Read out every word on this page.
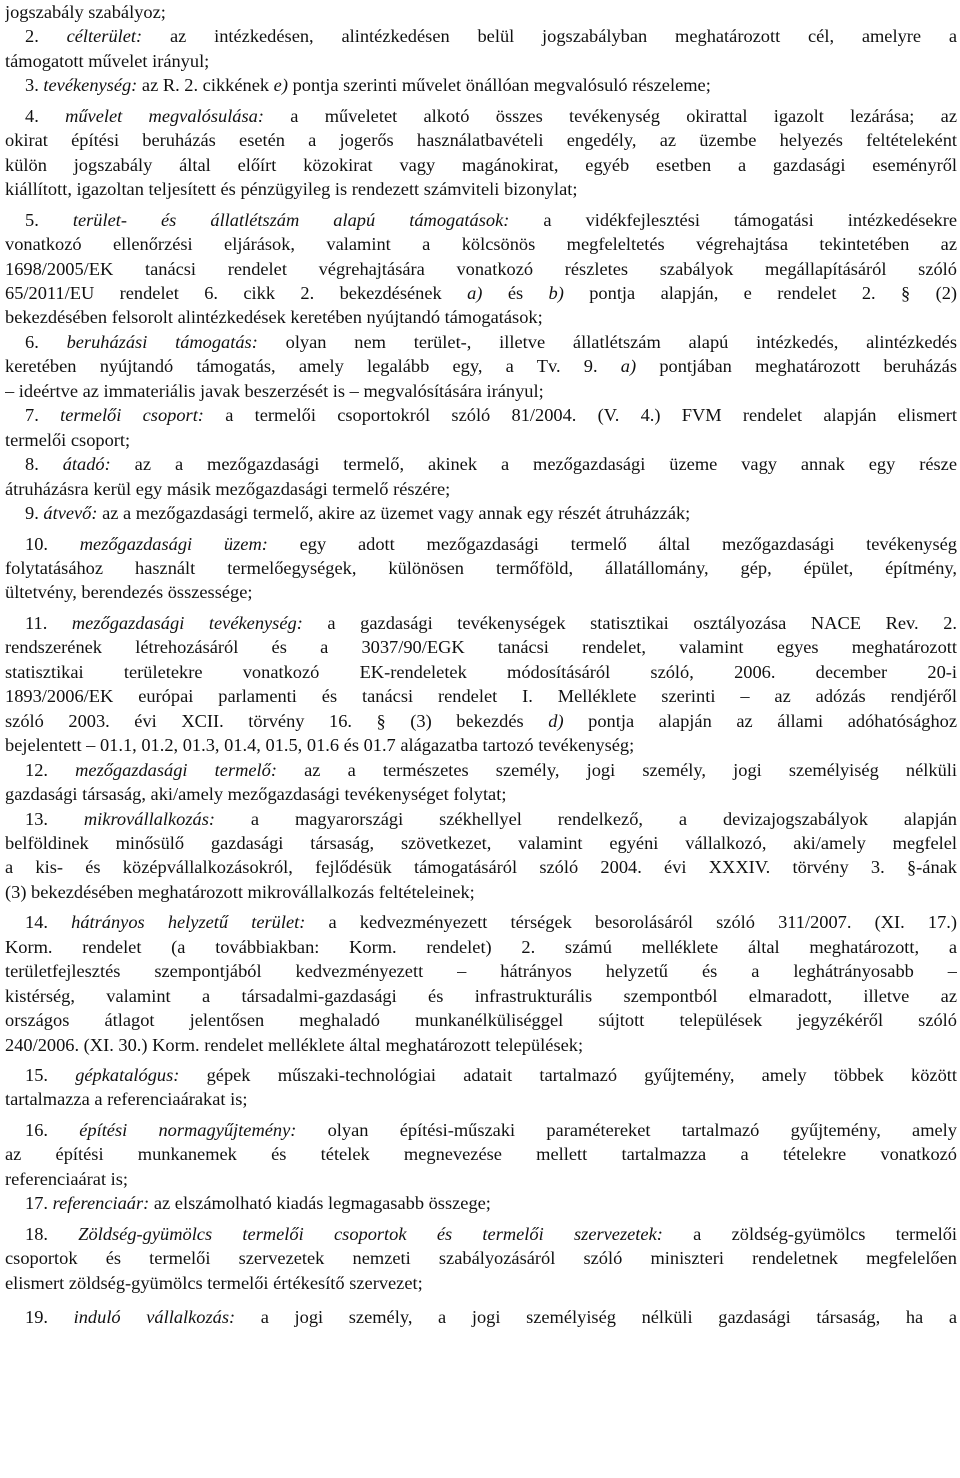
jogszabály szabályoz;
2. célterület: az intézkedésen, alintézkedésen belül jogszabályban meghatározott cél, amelyre a
támogatott művelet irányul;
3. tevékenység: az R. 2. cikkének e) pontja szerinti művelet önállóan megvalósuló részeleme;
4. művelet megvalósulása: a műveletet alkotó összes tevékenység okirattal igazolt lezárása; az
okirat építési beruházás esetén a jogerős használatbavételi engedély, az üzembe helyezés feltételeként
külön jogszabály által előírt közokirat vagy magánokirat, egyéb esetben a gazdasági eseményről
kiállított, igazoltan teljesített és pénzügyileg is rendezett számviteli bizonylat;
5. terület- és állatlétszám alapú támogatások: a vidékfejlesztési támogatási intézkedésekre
vonatkozó ellenőrzési eljárások, valamint a kölcsönös megfeleltetés végrehajtása tekintetében az
1698/2005/EK tanácsi rendelet végrehajtására vonatkozó részletes szabályok megállapításáról szóló
65/2011/EU rendelet 6. cikk 2. bekezdésének a) és b) pontja alapján, e rendelet 2. § (2)
bekezdésében felsorolt alintézkedések keretében nyújtandó támogatások;
6. beruházási támogatás: olyan nem terület-, illetve állatlétszám alapú intézkedés, alintézkedés
keretében nyújtandó támogatás, amely legalább egy, a Tv. 9. a) pontjában meghatározott beruházás
– ideértve az immateriális javak beszerzését is – megvalósítására irányul;
7. termelői csoport: a termelői csoportokról szóló 81/2004. (V. 4.) FVM rendelet alapján elismert
termelői csoport;
8. átadó: az a mezőgazdasági termelő, akinek a mezőgazdasági üzeme vagy annak egy része
átruházásra kerül egy másik mezőgazdasági termelő részére;
9. átvevő: az a mezőgazdasági termelő, akire az üzemet vagy annak egy részét átruházzák;
10. mezőgazdasági üzem: egy adott mezőgazdasági termelő által mezőgazdasági tevékenység
folytatásához használt termelőegységek, különösen termőföld, állatállomány, gép, épület, építmény,
ültetvény, berendezés összessége;
11. mezőgazdasági tevékenység: a gazdasági tevékenységek statisztikai osztályozása NACE Rev. 2.
rendszerének létrehozásáról és a 3037/90/EGK tanácsi rendelet, valamint egyes meghatározott
statisztikai területekre vonatkozó EK-rendeletek módosításáról szóló, 2006. december 20-i
1893/2006/EK európai parlamenti és tanácsi rendelet I. Melléklete szerinti – az adózás rendjéről
szóló 2003. évi XCII. törvény 16. § (3) bekezdés d) pontja alapján az állami adóhatósághoz
bejelentett – 01.1, 01.2, 01.3, 01.4, 01.5, 01.6 és 01.7 alágazatba tartozó tevékenység;
12. mezőgazdasági termelő: az a természetes személy, jogi személy, jogi személyiség nélküli
gazdasági társaság, aki/amely mezőgazdasági tevékenységet folytat;
13. mikrovállalkozás: a magyarországi székhellyel rendelkező, a devizajogszabályok alapján
belföldinek minősülő gazdasági társaság, szövetkezet, valamint egyéni vállalkozó, aki/amely megfelel
a kis- és középvállalkozásokról, fejlődésük támogatásáról szóló 2004. évi XXXIV. törvény 3. §-ának
(3) bekezdésében meghatározott mikrovállalkozás feltételeinek;
14. hátrányos helyzetű terület: a kedvezményezett térségek besorolásáról szóló 311/2007. (XI. 17.)
Korm. rendelet (a továbbiakban: Korm. rendelet) 2. számú melléklete által meghatározott, a
területfejlesztés szempontjából kedvezményezett – hátrányos helyzetű és a leghátrányosabb –
kistérség, valamint a társadalmi-gazdasági és infrastrukturális szempontból elmaradott, illetve az
országos átlagot jelentősen meghaladó munkanélküliséggel sújtott települések jegyzékéről szóló
240/2006. (XI. 30.) Korm. rendelet melléklete által meghatározott települések;
15. gépkatalógus: gépek műszaki-technológiai adatait tartalmazó gyűjtemény, amely többek között
tartalmazza a referenciaárakat is;
16. építési normagyűjtemény: olyan építési-műszaki paramétereket tartalmazó gyűjtemény, amely
az építési munkanemek és tételek megnevezése mellett tartalmazza a tételekre vonatkozó
referenciaárat is;
17. referenciaár: az elszámolható kiadás legmagasabb összege;
18. Zöldség-gyümölcs termelői csoportok és termelői szervezetek: a zöldség-gyümölcs termelői
csoportok és termelői szervezetek nemzeti szabályozásáról szóló miniszteri rendeletnek megfelelően
elismert zöldség-gyümölcs termelői értékesítő szervezet;
19. induló vállalkozás: a jogi személy, a jogi személyiség nélküli gazdasági társaság, ha a
